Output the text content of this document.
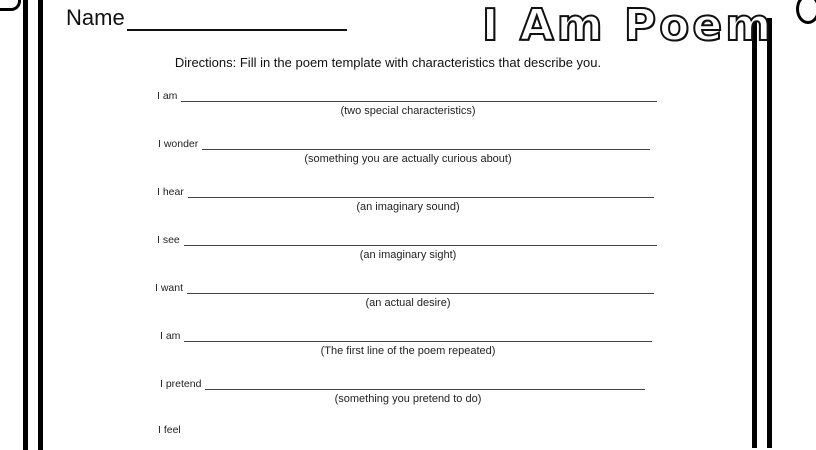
Name	I Am Poem
Directions: Fill in the poem template with characteristics that describe you.
I am
(two special characteristics)
I wonder
(something you are actually curious about)
I hear
(an imaginary sound)
I see
(an imaginary sight)
I want
(an actual desire)
I am
(The first line of the poem repeated)
I pretend
(something you pretend to do)
I feel
